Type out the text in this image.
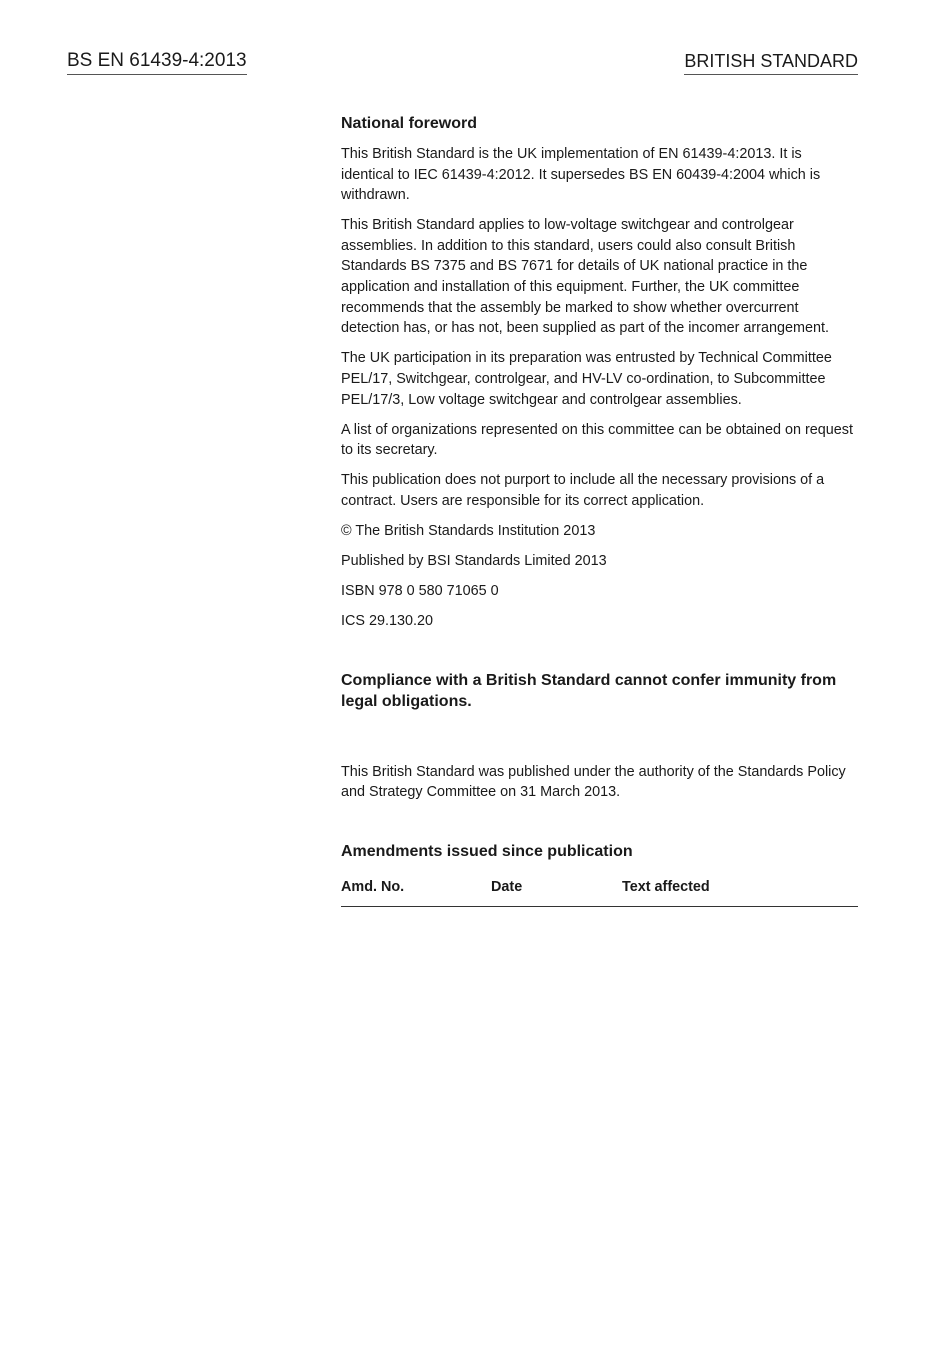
BS EN 61439-4:2013	BRITISH STANDARD
National foreword

This British Standard is the UK implementation of EN 61439-4:2013. It is identical to IEC 61439-4:2012. It supersedes BS EN 60439-4:2004 which is withdrawn.

This British Standard applies to low-voltage switchgear and controlgear assemblies. In addition to this standard, users could also consult British Standards BS 7375 and BS 7671 for details of UK national practice in the application and installation of this equipment. Further, the UK committee recommends that the assembly be marked to show whether overcurrent detection has, or has not, been supplied as part of the incomer arrangement.

The UK participation in its preparation was entrusted by Technical Committee PEL/17, Switchgear, controlgear, and HV-LV co-ordination, to Subcommittee PEL/17/3, Low voltage switchgear and controlgear assemblies.

A list of organizations represented on this committee can be obtained on request to its secretary.

This publication does not purport to include all the necessary provisions of a contract. Users are responsible for its correct application.

© The British Standards Institution 2013

Published by BSI Standards Limited 2013

ISBN 978 0 580 71065 0

ICS 29.130.20

Compliance with a British Standard cannot confer immunity from legal obligations.

This British Standard was published under the authority of the Standards Policy and Strategy Committee on 31 March 2013.

Amendments issued since publication
Amd. No.	Date	Text affected
